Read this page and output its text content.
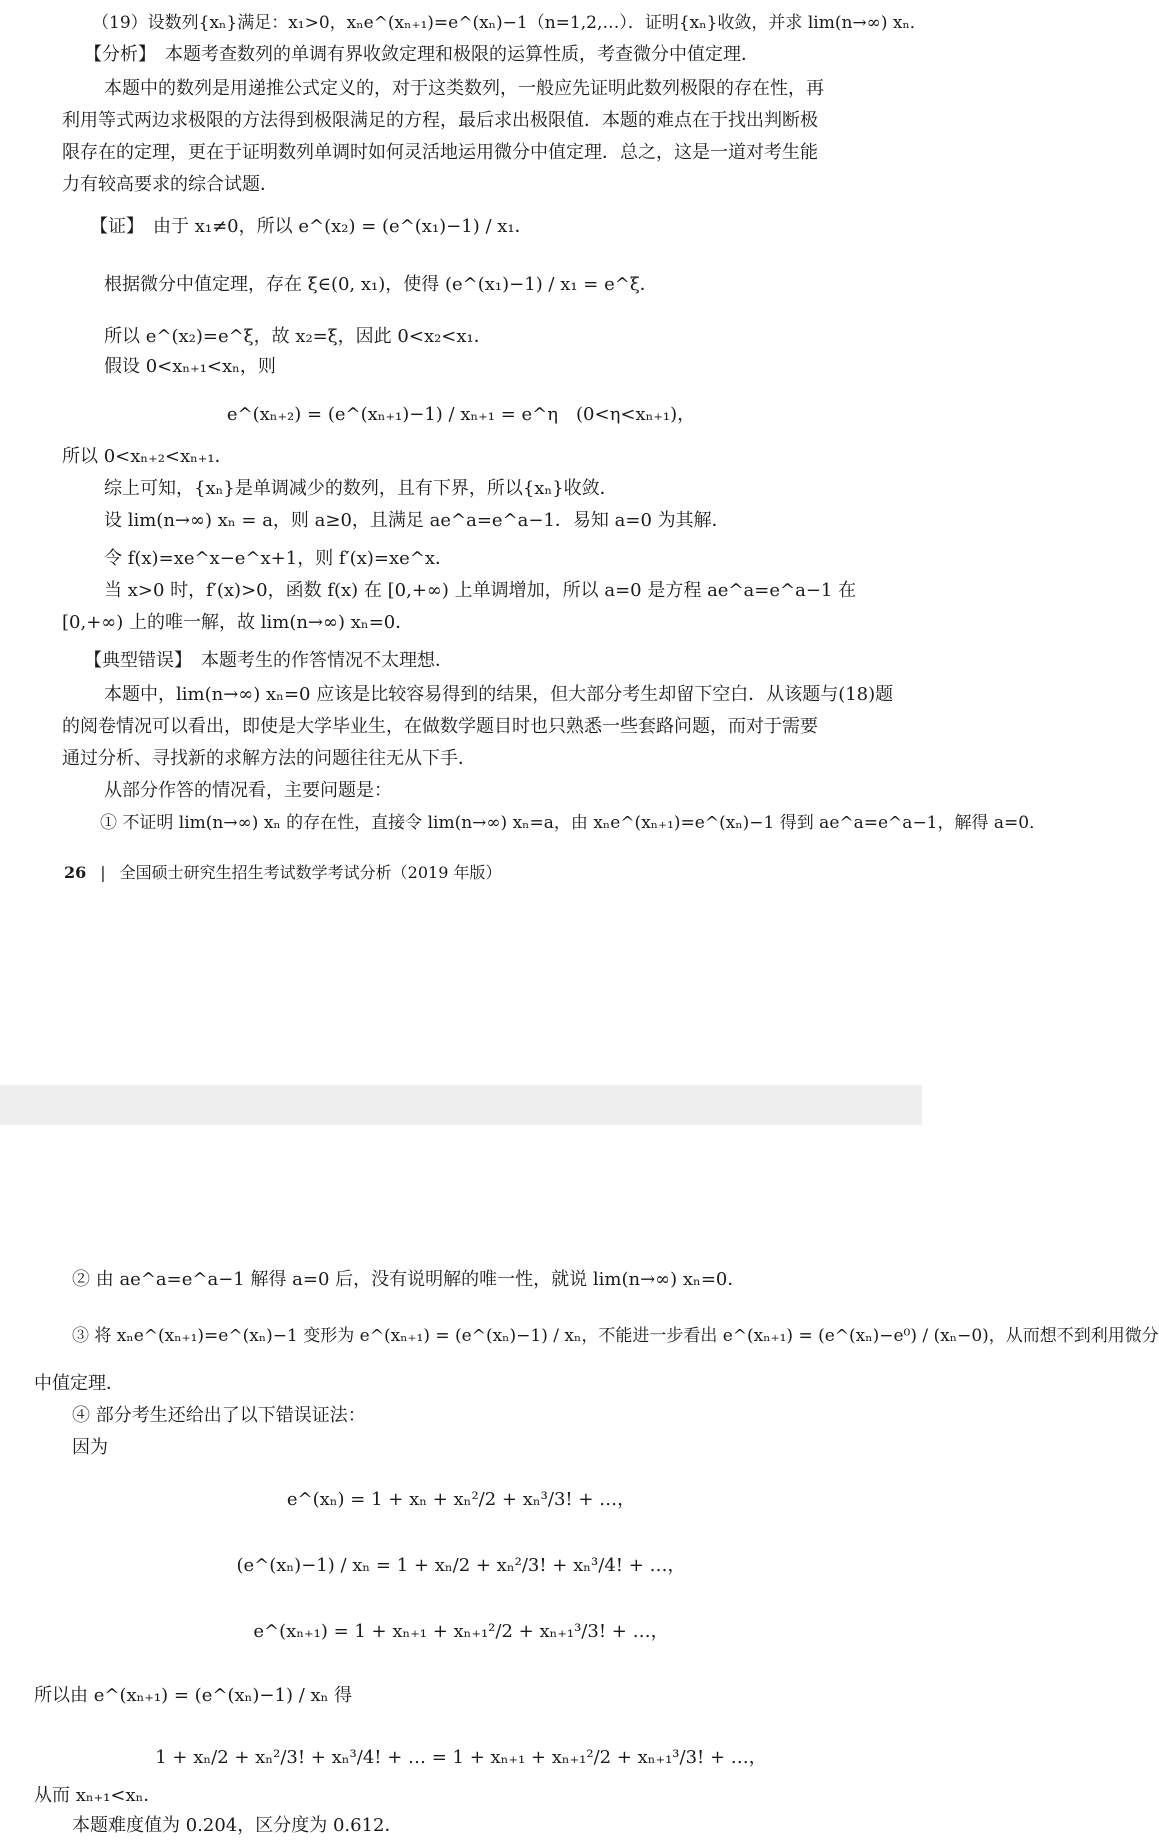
（19）设数列{xₙ}满足：x₁>0，xₙe^(xₙ₊₁)=e^(xₙ)−1（n=1,2,…）．证明{xₙ}收敛，并求 lim(n→∞) xₙ．
【分析】　本题考查数列的单调有界收敛定理和极限的运算性质，考查微分中值定理．
本题中的数列是用递推公式定义的，对于这类数列，一般应先证明此数列极限的存在性，再
利用等式两边求极限的方法得到极限满足的方程，最后求出极限值．本题的难点在于找出判断极
限存在的定理，更在于证明数列单调时如何灵活地运用微分中值定理．总之，这是一道对考生能
力有较高要求的综合试题．
【证】　由于 x₁≠0，所以 e^(x₂) = (e^(x₁)−1) / x₁．
根据微分中值定理，存在 ξ∈(0, x₁)，使得 (e^(x₁)−1) / x₁ = e^ξ．
所以 e^(x₂)=e^ξ，故 x₂=ξ，因此 0<x₂<x₁．
假设 0<xₙ₊₁<xₙ，则
e^(xₙ₊₂) = (e^(xₙ₊₁)−1) / xₙ₊₁ = e^η　(0<η<xₙ₊₁)，
所以 0<xₙ₊₂<xₙ₊₁．
综上可知，{xₙ}是单调减少的数列，且有下界，所以{xₙ}收敛．
设 lim(n→∞) xₙ = a，则 a≥0，且满足 ae^a=e^a−1．易知 a=0 为其解．
令 f(x)=xe^x−e^x+1，则 f′(x)=xe^x．
当 x>0 时，f′(x)>0，函数 f(x) 在 [0,+∞) 上单调增加，所以 a=0 是方程 ae^a=e^a−1 在
[0,+∞) 上的唯一解，故 lim(n→∞) xₙ=0．
【典型错误】　本题考生的作答情况不太理想．
本题中，lim(n→∞) xₙ=0 应该是比较容易得到的结果，但大部分考生却留下空白．从该题与(18)题
的阅卷情况可以看出，即使是大学毕业生，在做数学题目时也只熟悉一些套路问题，而对于需要
通过分析、寻找新的求解方法的问题往往无从下手．
从部分作答的情况看，主要问题是：
① 不证明 lim(n→∞) xₙ 的存在性，直接令 lim(n→∞) xₙ=a，由 xₙe^(xₙ₊₁)=e^(xₙ)−1 得到 ae^a=e^a−1，解得 a=0．
26 | 全国硕士研究生招生考试数学考试分析（2019 年版）
② 由 ae^a=e^a−1 解得 a=0 后，没有说明解的唯一性，就说 lim(n→∞) xₙ=0．
③ 将 xₙe^(xₙ₊₁)=e^(xₙ)−1 变形为 e^(xₙ₊₁) = (e^(xₙ)−1) / xₙ，不能进一步看出 e^(xₙ₊₁) = (e^(xₙ)−e⁰) / (xₙ−0)，从而想不到利用微分
中值定理．
④ 部分考生还给出了以下错误证法：
因为
e^(xₙ) = 1 + xₙ + xₙ²/2 + xₙ³/3! + …，
(e^(xₙ)−1) / xₙ = 1 + xₙ/2 + xₙ²/3! + xₙ³/4! + …，
e^(xₙ₊₁) = 1 + xₙ₊₁ + xₙ₊₁²/2 + xₙ₊₁³/3! + …，
所以由 e^(xₙ₊₁) = (e^(xₙ)−1) / xₙ 得
1 + xₙ/2 + xₙ²/3! + xₙ³/4! + … = 1 + xₙ₊₁ + xₙ₊₁²/2 + xₙ₊₁³/3! + …，
从而 xₙ₊₁<xₙ．
本题难度值为 0.204，区分度为 0.612．
